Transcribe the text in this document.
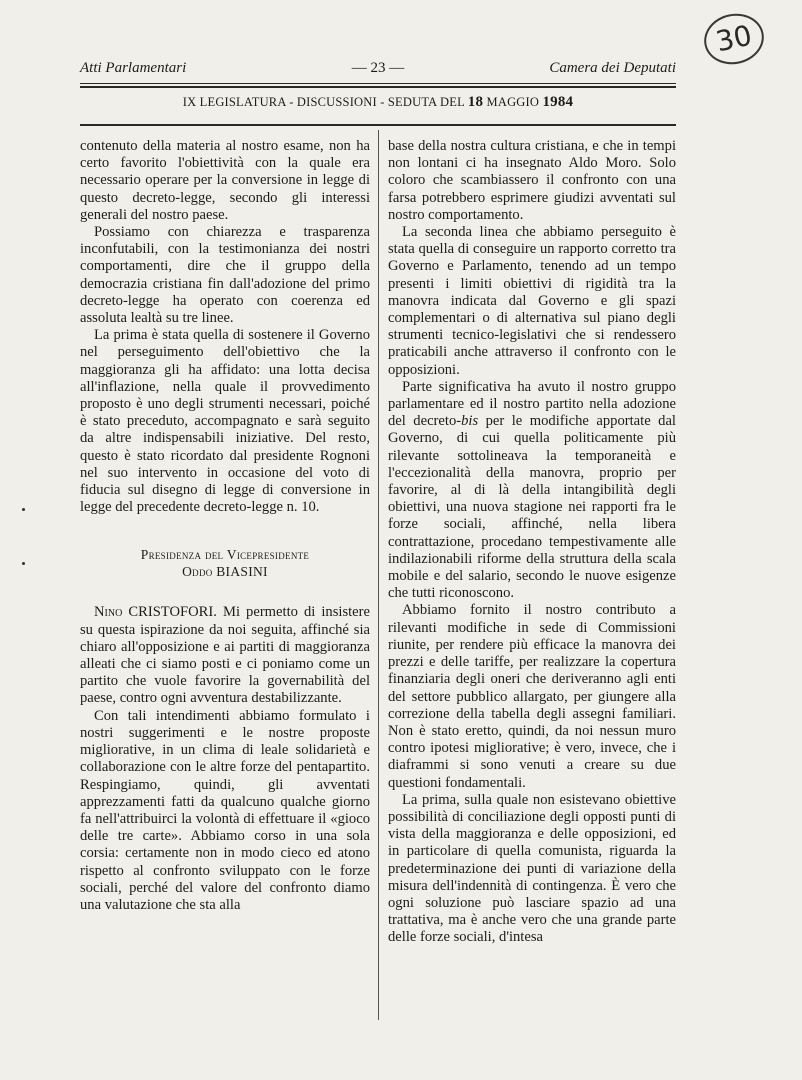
30
Atti Parlamentari	— 23 —	Camera dei Deputati
IX LEGISLATURA - DISCUSSIONI - SEDUTA DEL 18 MAGGIO 1984

contenuto della materia al nostro esame, non ha certo favorito l'obiettività con la quale era necessario operare per la conversione in legge di questo decreto-legge, secondo gli interessi generali del nostro paese.

Possiamo con chiarezza e trasparenza inconfutabili, con la testimonianza dei nostri comportamenti, dire che il gruppo della democrazia cristiana fin dall'adozione del primo decreto-legge ha operato con coerenza ed assoluta lealtà su tre linee.

La prima è stata quella di sostenere il Governo nel perseguimento dell'obiettivo che la maggioranza gli ha affidato: una lotta decisa all'inflazione, nella quale il provvedimento proposto è uno degli strumenti necessari, poiché è stato preceduto, accompagnato e sarà seguito da altre indispensabili iniziative. Del resto, questo è stato ricordato dal presidente Rognoni nel suo intervento in occasione del voto di fiducia sul disegno di legge di conversione in legge del precedente decreto-legge n. 10.

Presidenza del Vicepresidente
Oddo BIASINI

Nino CRISTOFORI. Mi permetto di insistere su questa ispirazione da noi seguita, affinché sia chiaro all'opposizione e ai partiti di maggioranza alleati che ci siamo posti e ci poniamo come un partito che vuole favorire la governabilità del paese, contro ogni avventura destabilizzante.

Con tali intendimenti abbiamo formulato i nostri suggerimenti e le nostre proposte migliorative, in un clima di leale solidarietà e collaborazione con le altre forze del pentapartito. Respingiamo, quindi, gli avventati apprezzamenti fatti da qualcuno qualche giorno fa nell'attribuirci la volontà di effettuare il «gioco delle tre carte». Abbiamo corso in una sola corsia: certamente non in modo cieco ed atono rispetto al confronto sviluppato con le forze sociali, perché del valore del confronto diamo una valutazione che sta alla

base della nostra cultura cristiana, e che in tempi non lontani ci ha insegnato Aldo Moro. Solo coloro che scambiassero il confronto con una farsa potrebbero esprimere giudizi avventati sul nostro comportamento.

La seconda linea che abbiamo perseguito è stata quella di conseguire un rapporto corretto tra Governo e Parlamento, tenendo ad un tempo presenti i limiti obiettivi di rigidità tra la manovra indicata dal Governo e gli spazi complementari o di alternativa sul piano degli strumenti tecnico-legislativi che si rendessero praticabili anche attraverso il confronto con le opposizioni.

Parte significativa ha avuto il nostro gruppo parlamentare ed il nostro partito nella adozione del decreto-bis per le modifiche apportate dal Governo, di cui quella politicamente più rilevante sottolineava la temporaneità e l'eccezionalità della manovra, proprio per favorire, al di là della intangibilità degli obiettivi, una nuova stagione nei rapporti fra le forze sociali, affinché, nella libera contrattazione, procedano tempestivamente alle indilazionabili riforme della struttura della scala mobile e del salario, secondo le nuove esigenze che tutti riconoscono.

Abbiamo fornito il nostro contributo a rilevanti modifiche in sede di Commissioni riunite, per rendere più efficace la manovra dei prezzi e delle tariffe, per realizzare la copertura finanziaria degli oneri che deriveranno agli enti del settore pubblico allargato, per giungere alla correzione della tabella degli assegni familiari. Non è stato eretto, quindi, da noi nessun muro contro ipotesi migliorative; è vero, invece, che i diaframmi si sono venuti a creare su due questioni fondamentali.

La prima, sulla quale non esistevano obiettive possibilità di conciliazione degli opposti punti di vista della maggioranza e delle opposizioni, ed in particolare di quella comunista, riguarda la predeterminazione dei punti di variazione della misura dell'indennità di contingenza. È vero che ogni soluzione può lasciare spazio ad una trattativa, ma è anche vero che una grande parte delle forze sociali, d'intesa
